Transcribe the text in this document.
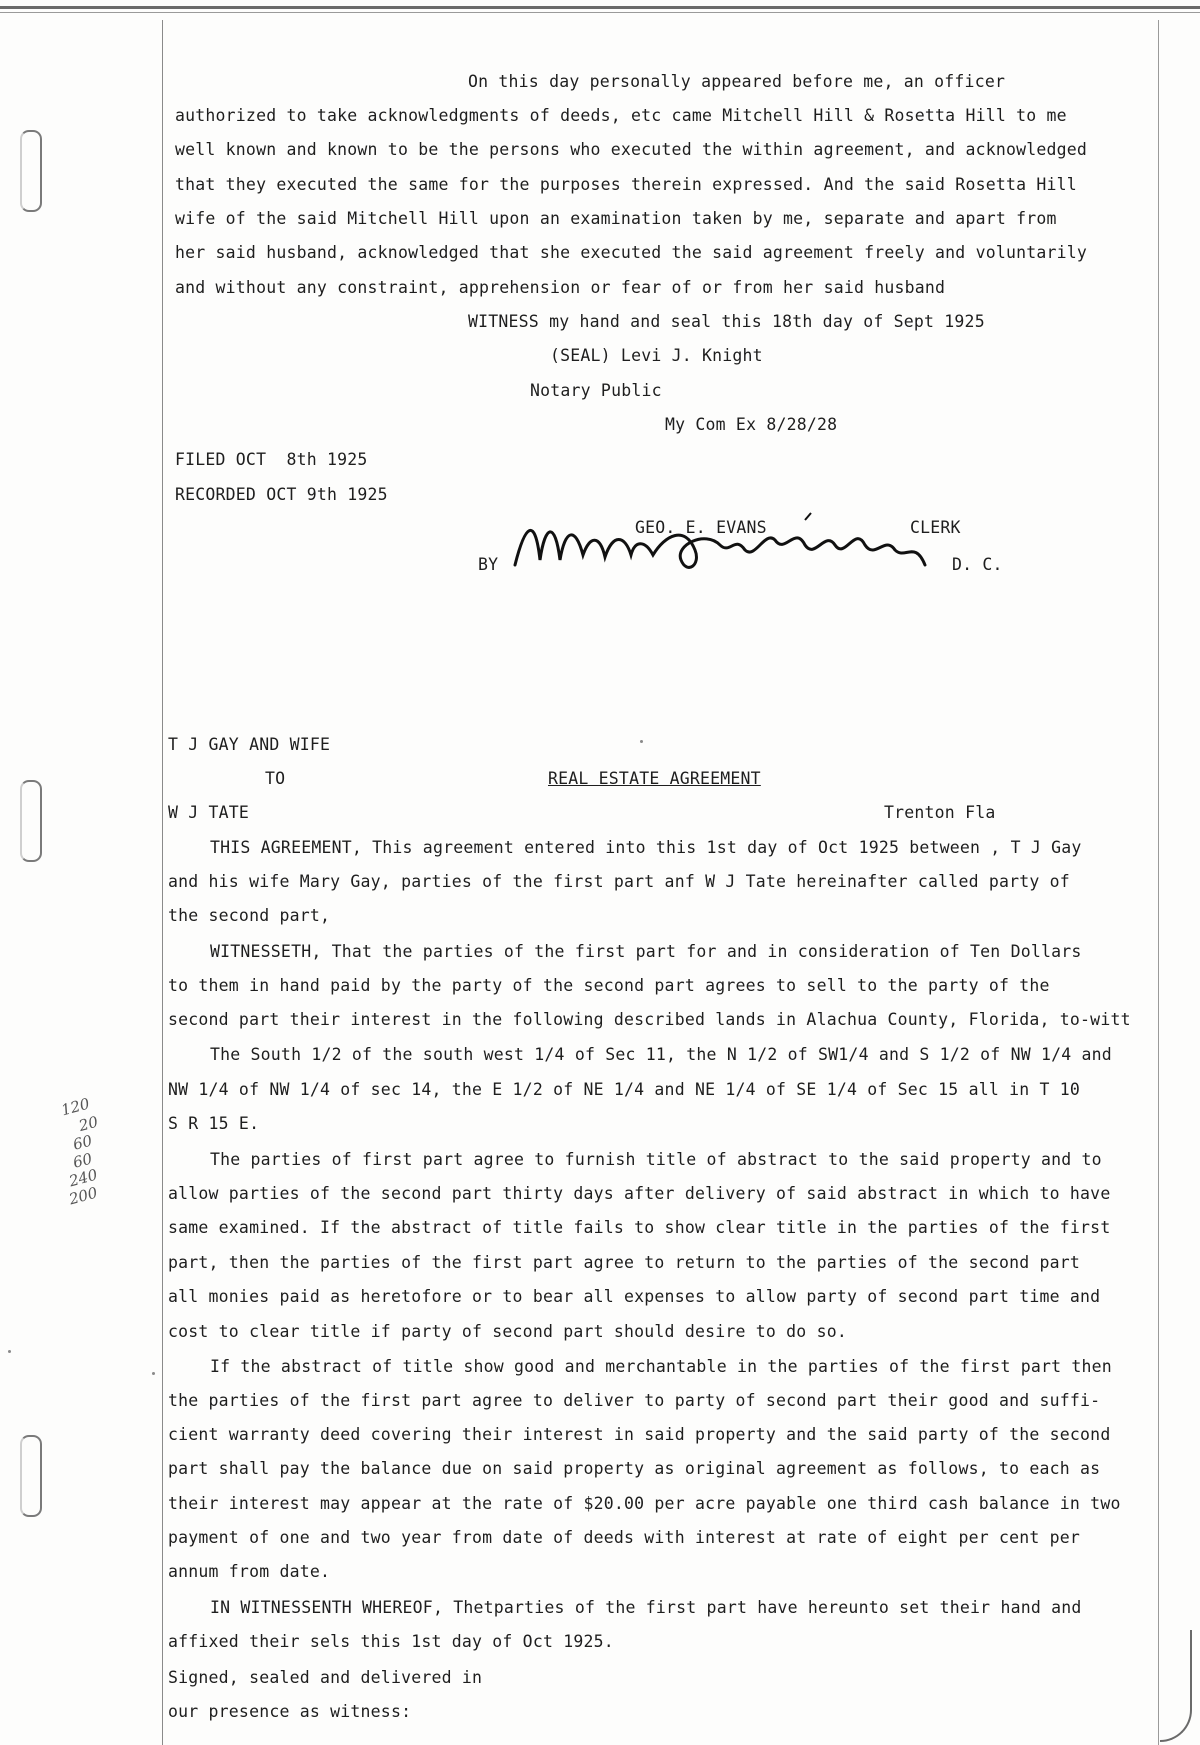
On this day personally appeared before me, an officer
authorized to take acknowledgments of deeds, etc came Mitchell Hill & Rosetta Hill to me
well known and known to be the persons who executed the within agreement, and acknowledged
that they executed the same for the purposes therein expressed. And the said Rosetta Hill
wife of the said Mitchell Hill upon an examination taken by me, separate and apart from
her said husband, acknowledged that she executed the said agreement freely and voluntarily
and without any constraint, apprehension or fear of or from her said husband
WITNESS my hand and seal this 18th day of Sept 1925
(SEAL) Levi J. Knight
Notary Public
My Com Ex 8/28/28
FILED OCT  8th 1925
RECORDED OCT 9th 1925
GEO. E. EVANS	CLERK
BY	D. C.
120
20
60
60
240
200
T J GAY AND WIFE
TO	REAL ESTATE AGREEMENT
W J TATE	Trenton Fla
THIS AGREEMENT, This agreement entered into this 1st day of Oct 1925 between , T J Gay
and his wife Mary Gay, parties of the first part anf W J Tate hereinafter called party of
the second part,
WITNESSETH, That the parties of the first part for and in consideration of Ten Dollars
to them in hand paid by the party of the second part agrees to sell to the party of the
second part their interest in the following described lands in Alachua County, Florida, to-witt
The South 1/2 of the south west 1/4 of Sec 11, the N 1/2 of SW1/4 and S 1/2 of NW 1/4 and
NW 1/4 of NW 1/4 of sec 14, the E 1/2 of NE 1/4 and NE 1/4 of SE 1/4 of Sec 15 all in T 10
S R 15 E.
The parties of first part agree to furnish title of abstract to the said property and to
allow parties of the second part thirty days after delivery of said abstract in which to have
same examined. If the abstract of title fails to show clear title in the parties of the first
part, then the parties of the first part agree to return to the parties of the second part
all monies paid as heretofore or to bear all expenses to allow party of second part time and
cost to clear title if party of second part should desire to do so.
If the abstract of title show good and merchantable in the parties of the first part then
the parties of the first part agree to deliver to party of second part their good and suffi-
cient warranty deed covering their interest in said property and the said party of the second
part shall pay the balance due on said property as original agreement as follows, to each as
their interest may appear at the rate of $20.00 per acre payable one third cash balance in two
payment of one and two year from date of deeds with interest at rate of eight per cent per
annum from date.
IN WITNESSENTH WHEREOF, Thetparties of the first part have hereunto set their hand and
affixed their sels this 1st day of Oct 1925.
Signed, sealed and delivered in
our presence as witness:
